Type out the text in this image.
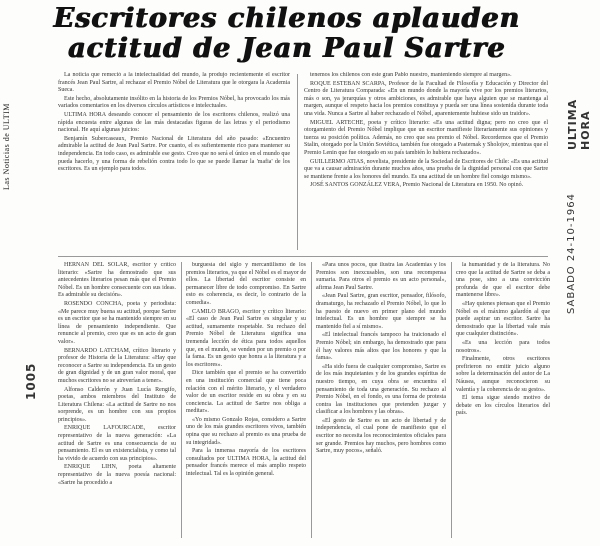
Las Noticias de ULTIM
Escritores chilenos aplauden
actitud de Jean Paul Sartre

La noticia que remeció a la intelectualidad del mundo, la produjo recientemente el escritor francés Jean Paul Sartre, al rechazar el Premio Nóbel de Literatura que le otorgara la Academia Sueca.

Este hecho, absolutamente insólito en la historia de los Premios Nóbel, ha provocado los más variados comentarios en los diversos círculos artísticos e intelectuales.

ULTIMA HORA deseando conocer el pensamiento de los escritores chilenos, realizó una rápida encuesta entre algunas de las más destacadas figuras de las letras y el periodismo nacional. He aquí algunas juicios:

Benjamín Subercaseaux, Premio Nacional de Literatura del año pasado: «Encuentro admirable la actitud de Jean Paul Sartre. Por cuanto, el es sufientemente rico para mantener su independencia. En todo caso, es admirable ese gesto. Creo que no será el único en el mundo que pueda hacerlo, y una forma de rebelión contra todo lo que se puede llamar la 'mafia' de los escritores. Es un ejemplo para todos.

tenemos los chilenos con este gran Pablo nuestro, manteniendo siempre al margen».

ROQUE ESTEBAN SCARPA, Profesor de la Facultad de Filosofía y Educación y Director del Centro de Literatura Comparada: «En un mundo donde la mayoría vive por los premios literarios, más o son, ya jerarquías y otros ambiciones, es admirable que haya alguien que se mantenga al margen, aunque el respeto hacia los premios constituya y pueda ser una línea sostenida durante toda una vida. Nunca a Sartre al haber rechazado el Nóbel, aparentemente hubiese sido un traidor».

MIGUEL ARTECHE, poeta y crítico literario: «Es una actitud digna; pero no creo que el otorgamiento del Premio Nóbel implique que un escritor manifieste literariamente sus opiniones y tuerza su posición política. Además, no creo que sea premio el Nóbel. Recordemos que el Premio Stalin, otorgado por la Unión Soviética, también fue otorgado a Pasternak y Sholojov, mientras que el Premio Lenin que fue otorgado en su país también lo hubiera rechazado».

GUILLERMO ATIAS, novelista, presidente de la Sociedad de Escritores de Chile: «Es una actitud que va a causar admiración durante muchos años, una prueba de la dignidad personal con que Sartre se mantiene frente a los honores del mundo. Es una actitud de un hombre fiel consigo mismo».

JOSÉ SANTOS GONZÁLEZ VERA, Premio Nacional de Literatura en 1950. No opinó.

HERNÁN DEL SOLAR, escritor y crítico literario: «Sartre ha demostrado que sus antecedentes literarios pesan más que el Premio Nóbel. Es un hombre consecuente con sus ideas. Es admirable su decisión».

ROSENDO CONCHA, poeta y periodista: «Me parece muy buena su actitud, porque Sartre es un escritor que se ha mantenido siempre en su línea de pensamiento independiente. Que renuncie al premio, creo que es un acto de gran valor».

BERNARDO LATCHAM, crítico literario y profesor de Historia de la Literatura: «Hay que reconocer a Sartre su independencia. Es un gesto de gran dignidad y de un gran valor moral, que muchos escritores no se atreverían a tener».

Alfonso Calderón y Juan Lucía Rengifo, poetas, ambos miembros del Instituto de Literatura Chilena: «La actitud de Sartre no nos sorprende, es un hombre con sus propios principios».

ENRIQUE LAFOURCADE, escritor representativo de la nueva generación: «La actitud de Sartre es una consecuencia de su pensamiento. El es un existencialista, y como tal ha vivido de acuerdo con sus principios».

ENRIQUE LIHN, poeta altamente representativo de la nueva poesía nacional: «Sartre ha procedido a

burguesía del siglo y mercantilismo de los premios literarios, ya que el Nóbel es el mayor de ellos. La libertad del escritor consiste en permanecer libre de todo compromiso. En Sartre esto es coherencia, es decir, lo contrario de la comedia».

CAMILO BRAGO, escritor y crítico literario: «El caso de Jean Paul Sartre es singular y su actitud, sumamente respetable. Su rechazo del Premio Nóbel de Literatura significa una tremenda lección de ética para todos aquellos que, en el mundo, se venden por un premio o por la fama. Es un gesto que honra a la literatura y a los escritores».

Dice también que el premio se ha convertido en una institución comercial que tiene poca relación con el mérito literario, y el verdadero valor de un escritor reside en su obra y en su conciencia. La actitud de Sartre nos obliga a meditar».

«Yo mismo Gonzalo Rojas, considero a Sartre uno de los más grandes escritores vivos, también opina que su rechazo al premio es una prueba de su integridad».

Para la inmensa mayoría de los escritores consultados por ULTIMA HORA, la actitud del pensador francés merece el más amplio respeto intelectual. Tal es la opinión general.

«Para unos pocos, que ilustra las Academias y los Premios son inexcusables, son una recompensa sumaria. Para otros el premio es un acto personal», afirma Jean Paul Sartre.

«Jean Paul Sartre, gran escritor, pensador, filósofo, dramaturgo, ha rechazado el Premio Nóbel, lo que lo ha puesto de nuevo en primer plano del mundo intelectual. Es un hombre que siempre se ha mantenido fiel a sí mismo».

«El intelectual francés tampoco ha traicionado el Premio Nóbel; sin embargo, ha demostrado que para él hay valores más altos que los honores y que la fama».

«Ha sido fuera de cualquier compromiso, Sartre es de los más inquietantes y de los grandes espíritus de nuestro tiempo, en cuya obra se encuentra el pensamiento de toda una generación. Su rechazo al Premio Nóbel, en el fondo, es una forma de protesta contra las instituciones que pretenden juzgar y clasificar a los hombres y las obras».

«El gesto de Sartre es un acto de libertad y de independencia, el cual pone de manifiesto que el escritor no necesita los reconocimientos oficiales para ser grande. Premios hay muchos, pero hombres como Sartre, muy pocos», señaló.

la humanidad y de la literatura. No creo que la actitud de Sartre se deba a una pose, sino a una convicción profunda de que el escritor debe mantenerse libre».

«Hay quienes piensan que el Premio Nóbel es el máximo galardón al que puede aspirar un escritor. Sartre ha demostrado que la libertad vale más que cualquier distinción».

«Es una lección para todos nosotros».

Finalmente, otros escritores prefirieron no emitir juicio alguno sobre la determinación del autor de La Náusea, aunque reconocieron su valentía y la coherencia de su gesto».

El tema sigue siendo motivo de debate en los círculos literarios del país.

ULTIMA HORA
SABADO 24-10-1964
1005
